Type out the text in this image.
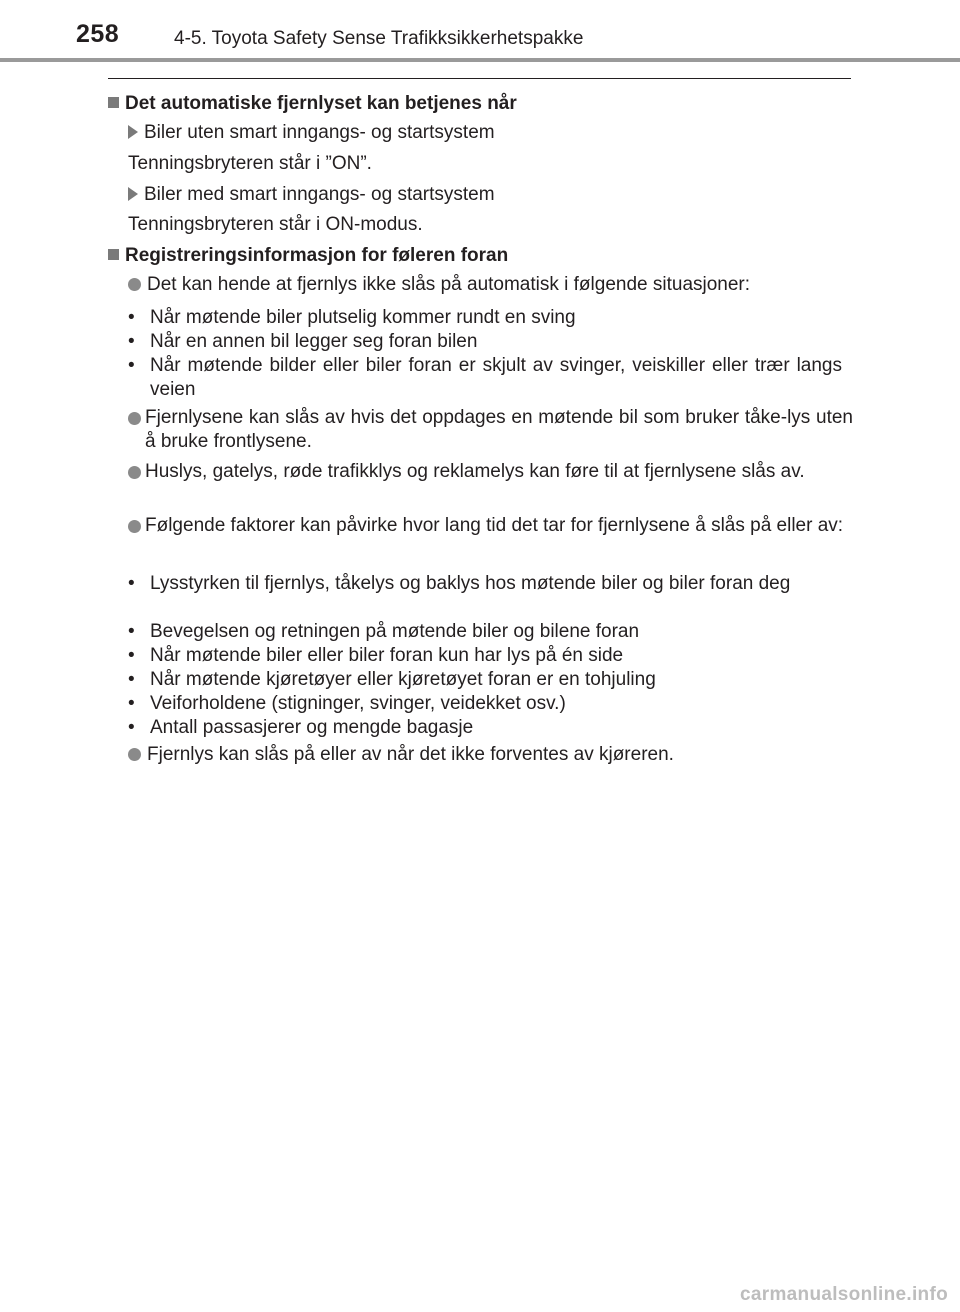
258	4-5. Toyota Safety Sense Trafikksikkerhetspakke
Det automatiske fjernlyset kan betjenes når
Biler uten smart inngangs- og startsystem
Tenningsbryteren står i ”ON”.
Biler med smart inngangs- og startsystem
Tenningsbryteren står i ON-modus.
Registreringsinformasjon for føleren foran
Det kan hende at fjernlys ikke slås på automatisk i følgende situasjoner:
• Når møtende biler plutselig kommer rundt en sving
• Når en annen bil legger seg foran bilen
• Når møtende bilder eller biler foran er skjult av svinger, veiskiller eller trær langs veien
Fjernlysene kan slås av hvis det oppdages en møtende bil som bruker tåke-lys uten å bruke frontlysene.
Huslys, gatelys, røde trafikklys og reklamelys kan føre til at fjernlysene slås av.
Følgende faktorer kan påvirke hvor lang tid det tar for fjernlysene å slås på eller av:
• Lysstyrken til fjernlys, tåkelys og baklys hos møtende biler og biler foran deg
• Bevegelsen og retningen på møtende biler og bilene foran
• Når møtende biler eller biler foran kun har lys på én side
• Når møtende kjøretøyer eller kjøretøyet foran er en tohjuling
• Veiforholdene (stigninger, svinger, veidekket osv.)
• Antall passasjerer og mengde bagasje
Fjernlys kan slås på eller av når det ikke forventes av kjøreren.
carmanualsonline.info
